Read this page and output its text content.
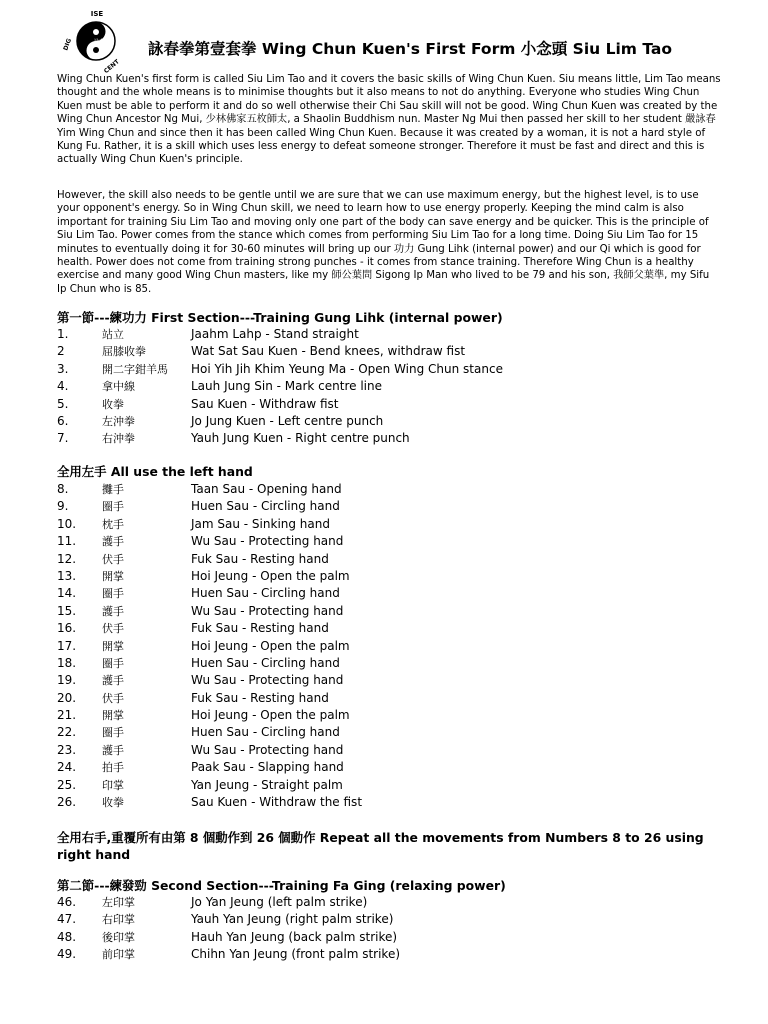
ISE
DIG
CENT
詠春	詠春拳第壹套拳 Wing Chun Kuen's First Form 小念頭 Siu Lim Tao

Wing Chun Kuen's first form is called Siu Lim Tao and it covers the basic skills of Wing Chun Kuen. Siu means little, Lim Tao means thought and the whole means is to minimise thoughts but it also means to not do anything. Everyone who studies Wing Chun Kuen must be able to perform it and do so well otherwise their Chi Sau skill will not be good. Wing Chun Kuen was created by the Wing Chun Ancestor Ng Mui, 少林佛家五枚師太, a Shaolin Buddhism nun. Master Ng Mui then passed her skill to her student 嚴詠春 Yim Wing Chun and since then it has been called Wing Chun Kuen. Because it was created by a woman, it is not a hard style of Kung Fu. Rather, it is a skill which uses less energy to defeat someone stronger. Therefore it must be fast and direct and this is actually Wing Chun Kuen's principle.

However, the skill also needs to be gentle until we are sure that we can use maximum energy, but the highest level, is to use your opponent's energy. So in Wing Chun skill, we need to learn how to use energy properly. Keeping the mind calm is also important for training Siu Lim Tao and moving only one part of the body can save energy and be quicker. This is the principle of Siu Lim Tao. Power comes from the stance which comes from performing Siu Lim Tao for a long time. Doing Siu Lim Tao for 15 minutes to eventually doing it for 30-60 minutes will bring up our 功力 Gung Lihk (internal power) and our Qi which is good for health. Power does not come from training strong punches - it comes from stance training. Therefore Wing Chun is a healthy exercise and many good Wing Chun masters, like my 師公葉問 Sigong Ip Man who lived to be 79 and his son, 我師父葉準, my Sifu Ip Chun who is 85.

第一節---練功力 First Section---Training Gung Lihk (internal power)
1.	站立	Jaahm Lahp - Stand straight
2	屈膝收拳	Wat Sat Sau Kuen - Bend knees, withdraw fist
3.	開二字鉗羊馬	Hoi Yih Jih Khim Yeung Ma - Open Wing Chun stance
4.	拿中線	Lauh Jung Sin - Mark centre line
5.	收拳	Sau Kuen - Withdraw fist
6.	左沖拳	Jo Jung Kuen - Left centre punch
7.	右沖拳	Yauh Jung Kuen - Right centre punch
全用左手 All use the left hand
8.	攤手	Taan Sau - Opening hand
9.	圈手	Huen Sau - Circling hand
10.	枕手	Jam Sau - Sinking hand
11.	護手	Wu Sau - Protecting hand
12.	伏手	Fuk Sau - Resting hand
13.	開掌	Hoi Jeung - Open the palm
14.	圈手	Huen Sau - Circling hand
15.	護手	Wu Sau - Protecting hand
16.	伏手	Fuk Sau - Resting hand
17.	開掌	Hoi Jeung - Open the palm
18.	圈手	Huen Sau - Circling hand
19.	護手	Wu Sau - Protecting hand
20.	伏手	Fuk Sau - Resting hand
21.	開掌	Hoi Jeung - Open the palm
22.	圈手	Huen Sau - Circling hand
23.	護手	Wu Sau - Protecting hand
24.	拍手	Paak Sau - Slapping hand
25.	印掌	Yan Jeung - Straight palm
26.	收拳	Sau Kuen - Withdraw the fist
全用右手,重覆所有由第 8 個動作到 26 個動作 Repeat all the movements from Numbers 8 to 26 using right hand
第二節---練發勁 Second Section---Training Fa Ging (relaxing power)
46.	左印掌	Jo Yan Jeung (left palm strike)
47.	右印掌	Yauh Yan Jeung (right palm strike)
48.	後印掌	Hauh Yan Jeung (back palm strike)
49.	前印掌	Chihn Yan Jeung (front palm strike)
